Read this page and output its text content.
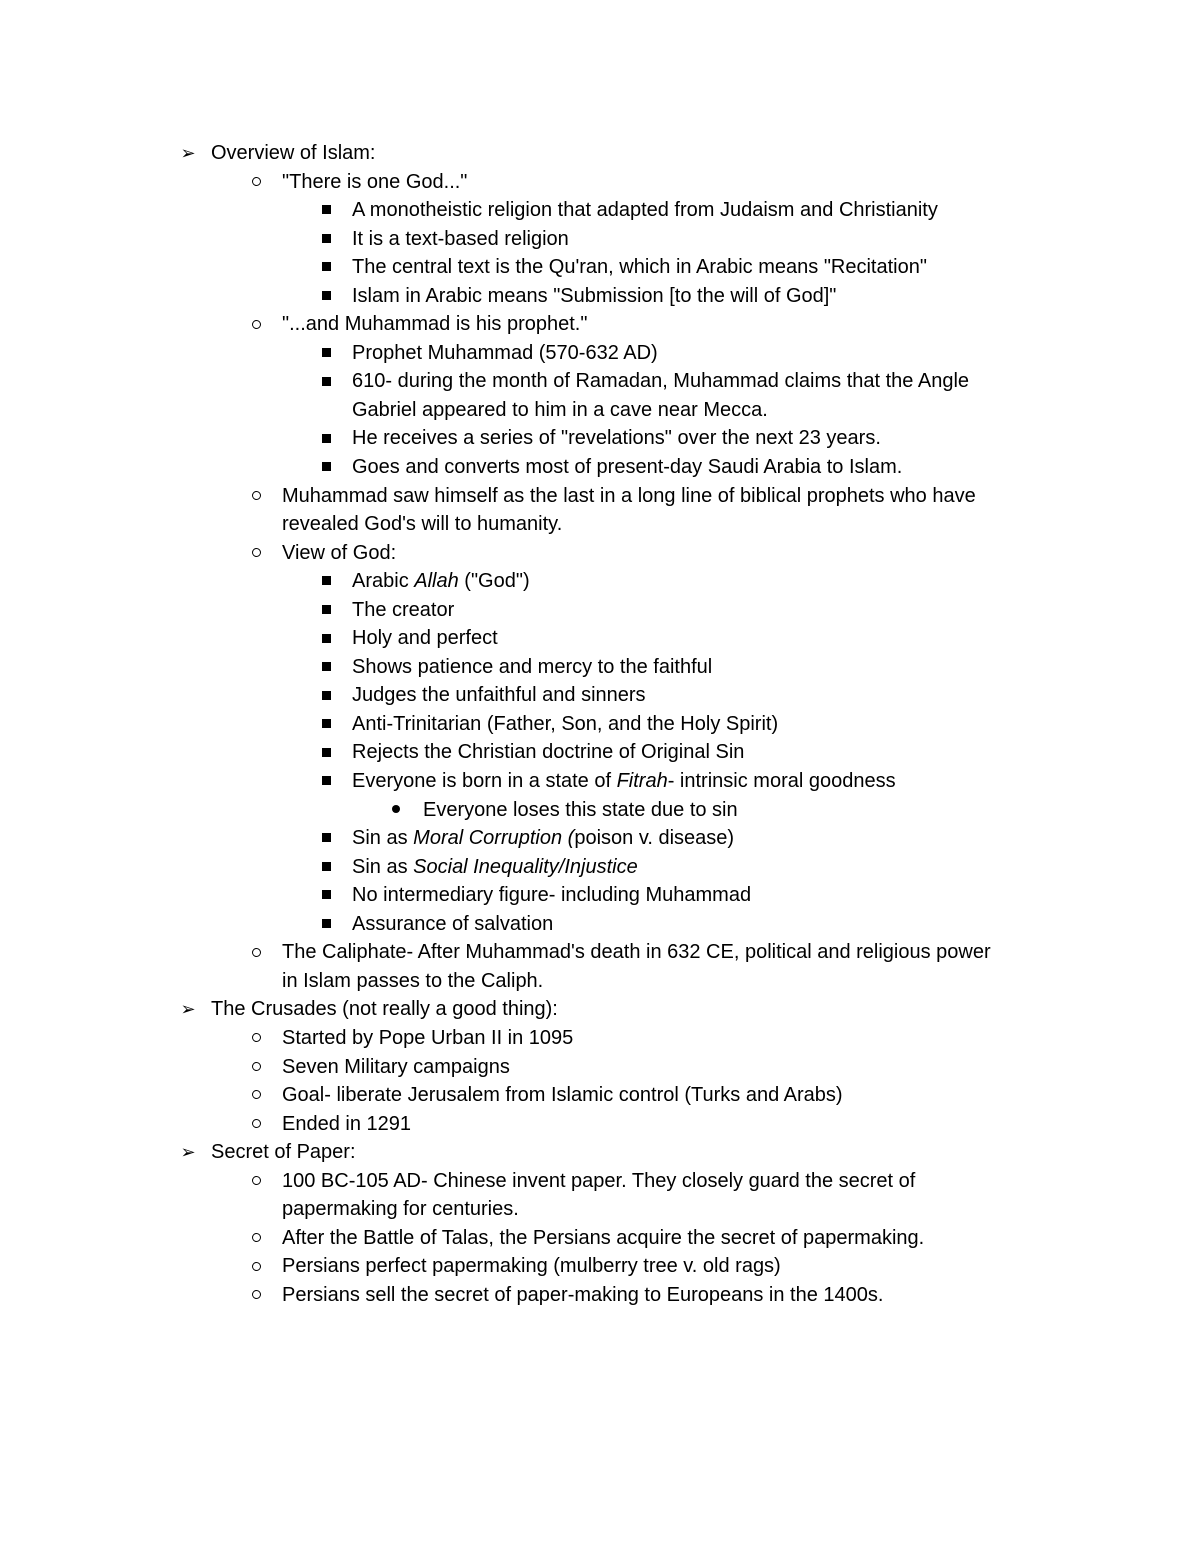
➢ Overview of Islam:
"There is one God..."
A monotheistic religion that adapted from Judaism and Christianity
It is a text-based religion
The central text is the Qu'ran, which in Arabic means "Recitation"
Islam in Arabic means "Submission [to the will of God]"
"...and Muhammad is his prophet."
Prophet Muhammad (570-632 AD)
610- during the month of Ramadan, Muhammad claims that the Angle
Gabriel appeared to him in a cave near Mecca.
He receives a series of "revelations" over the next 23 years.
Goes and converts most of present-day Saudi Arabia to Islam.
Muhammad saw himself as the last in a long line of biblical prophets who have
revealed God's will to humanity.
View of God:
Arabic Allah ("God")
The creator
Holy and perfect
Shows patience and mercy to the faithful
Judges the unfaithful and sinners
Anti-Trinitarian (Father, Son, and the Holy Spirit)
Rejects the Christian doctrine of Original Sin
Everyone is born in a state of Fitrah- intrinsic moral goodness
Everyone loses this state due to sin
Sin as Moral Corruption (poison v. disease)
Sin as Social Inequality/Injustice
No intermediary figure- including Muhammad
Assurance of salvation
The Caliphate- After Muhammad's death in 632 CE, political and religious power
in Islam passes to the Caliph.
➢ The Crusades (not really a good thing):
Started by Pope Urban II in 1095
Seven Military campaigns
Goal- liberate Jerusalem from Islamic control (Turks and Arabs)
Ended in 1291
➢ Secret of Paper:
100 BC-105 AD- Chinese invent paper. They closely guard the secret of
papermaking for centuries.
After the Battle of Talas, the Persians acquire the secret of papermaking.
Persians perfect papermaking (mulberry tree v. old rags)
Persians sell the secret of paper-making to Europeans in the 1400s.
